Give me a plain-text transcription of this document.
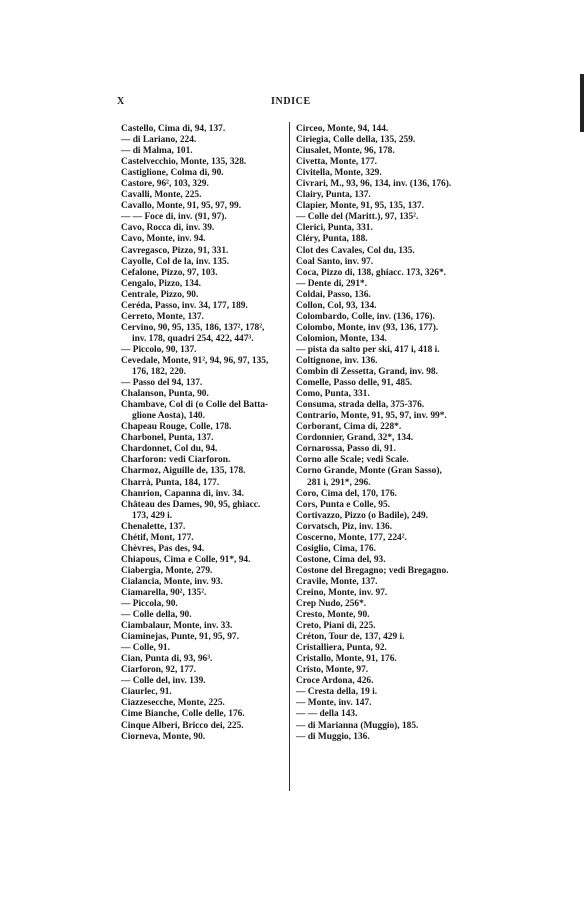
X	INDICE
Castello, Cima di, 94, 137.
— di Lariano, 224.
— di Malma, 101.
Castelvecchio, Monte, 135, 328.
Castiglione, Colma di, 90.
Castore, 96², 103, 329.
Cavalli, Monte, 225.
Cavallo, Monte, 91, 95, 97, 99.
— — Foce di, inv. (91, 97).
Cavo, Rocca di, inv. 39.
Cavo, Monte, inv. 94.
Cavregasco, Pizzo, 91, 331.
Cayolle, Col de la, inv. 135.
Cefalone, Pizzo, 97, 103.
Cengalo, Pizzo, 134.
Centrale, Pizzo, 90.
Ceréda, Passo, inv. 34, 177, 189.
Cerreto, Monte, 137.
Cervino, 90, 95, 135, 186, 137², 178²,
inv. 178, quadri 254, 422, 447³.
— Piccolo, 90, 137.
Cevedale, Monte, 91², 94, 96, 97, 135,
176, 182, 220.
— Passo del 94, 137.
Chalanson, Punta, 90.
Chambave, Col di (o Colle del Batta-
glione Aosta), 140.
Chapeau Rouge, Colle, 178.
Charbonel, Punta, 137.
Chardonnet, Col du, 94.
Charforon: vedi Ciarforon.
Charmoz, Aiguille de, 135, 178.
Charrà, Punta, 184, 177.
Chanrion, Capanna di, inv. 34.
Château des Dames, 90, 95, ghiacc.
173, 429 i.
Chenalette, 137.
Chétif, Mont, 177.
Chèvres, Pas des, 94.
Chiapous, Cima e Colle, 91*, 94.
Ciabergia, Monte, 279.
Cialancia, Monte, inv. 93.
Ciamarella, 90², 135².
— Piccola, 90.
— Colle della, 90.
Ciambalaur, Monte, inv. 33.
Ciaminejas, Punte, 91, 95, 97.
— Colle, 91.
Cian, Punta di, 93, 96³.
Ciarforon, 92, 177.
— Colle del, inv. 139.
Ciaurlec, 91.
Ciazzesecche, Monte, 225.
Cime Bianche, Colle delle, 176.
Cinque Alberi, Bricco dei, 225.
Ciorneva, Monte, 90.
Circeo, Monte, 94, 144.
Ciriegia, Colle della, 135, 259.
Ciusalet, Monte, 96, 178.
Civetta, Monte, 177.
Civitella, Monte, 329.
Civrari, M., 93, 96, 134, inv. (136, 176).
Clairy, Punta, 137.
Clapier, Monte, 91, 95, 135, 137.
— Colle del (Maritt.), 97, 135².
Clerici, Punta, 331.
Cléry, Punta, 188.
Clot des Cavales, Col du, 135.
Coal Santo, inv. 97.
Coca, Pizzo di, 138, ghiacc. 173, 326*.
— Dente di, 291*.
Coldai, Passo, 136.
Collon, Col, 93, 134.
Colombardo, Colle, inv. (136, 176).
Colombo, Monte, inv (93, 136, 177).
Colomion, Monte, 134.
— pista da salto per ski, 417 i, 418 i.
Coltignone, inv. 136.
Combin di Zessetta, Grand, inv. 98.
Comelle, Passo delle, 91, 485.
Como, Punta, 331.
Consuma, strada della, 375-376.
Contrario, Monte, 91, 95, 97, inv. 99*.
Corborant, Cima di, 228*.
Cordonnier, Grand, 32*, 134.
Cornarossa, Passo di, 91.
Corno alle Scale; vedi Scale.
Corno Grande, Monte (Gran Sasso),
281 i, 291*, 296.
Coro, Cima del, 170, 176.
Cors, Punta e Colle, 95.
Cortivazzo, Pizzo (o Badile), 249.
Corvatsch, Piz, inv. 136.
Coscerno, Monte, 177, 224².
Cosiglio, Cima, 176.
Costone, Cima del, 93.
Costone del Bregagno; vedi Bregagno.
Cravile, Monte, 137.
Creino, Monte, inv. 97.
Crep Nudo, 256*.
Cresto, Monte, 90.
Creto, Piani di, 225.
Créton, Tour de, 137, 429 i.
Cristalliera, Punta, 92.
Cristallo, Monte, 91, 176.
Cristo, Monte, 97.
Croce Ardona, 426.
— Cresta della, 19 i.
— Monte, inv. 147.
— — della 143.
— di Marianna (Muggio), 185.
— di Muggio, 136.
